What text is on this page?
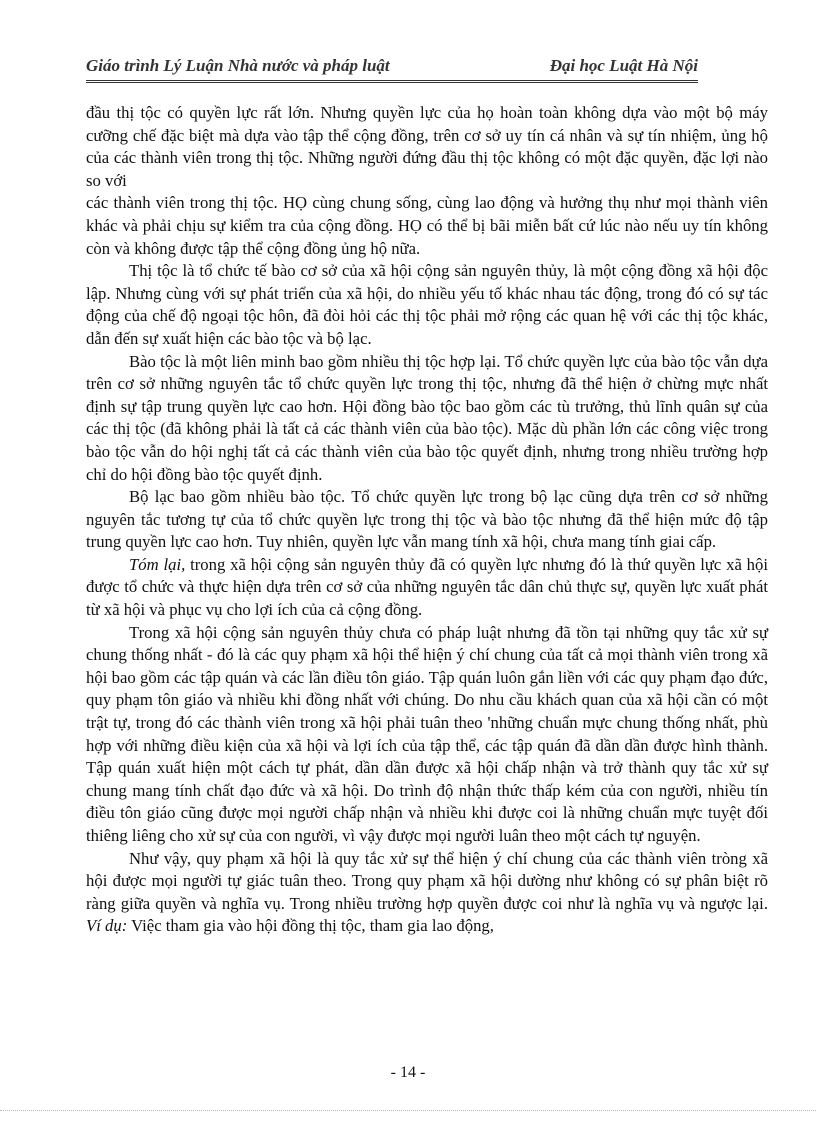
Giáo trình Lý Luận Nhà nước và pháp luật	Đại học Luật Hà Nội

đầu thị tộc có quyền lực rất lớn. Nhưng quyền lực của họ hoàn toàn không dựa vào một bộ máy cưỡng chế đặc biệt mà dựa vào tập thể cộng đồng, trên cơ sở uy tín cá nhân và sự tín nhiệm, ủng hộ của các thành viên trong thị tộc. Những người đứng đầu thị tộc không có một đặc quyền, đặc lợi nào so với

các thành viên trong thị tộc. HỌ cùng chung sống, cùng lao động và hưởng thụ như mọi thành viên khác và phải chịu sự kiểm tra của cộng đồng. HỌ có thể bị bãi miễn bất cứ lúc nào nếu uy tín không còn và không được tập thể cộng đồng ủng hộ nữa.

Thị tộc là tổ chức tế bào cơ sở của xã hội cộng sản nguyên thủy, là một cộng đồng xã hội độc lập. Nhưng cùng với sự phát triển của xã hội, do nhiều yếu tố khác nhau tác động, trong đó có sự tác động của chế độ ngoại tộc hôn, đã đòi hỏi các thị tộc phải mở rộng các quan hệ với các thị tộc khác, dẫn đến sự xuất hiện các bào tộc và bộ lạc.

Bào tộc là một liên minh bao gồm nhiều thị tộc hợp lại. Tổ chức quyền lực của bào tộc vẫn dựa trên cơ sở những nguyên tắc tổ chức quyền lực trong thị tộc, nhưng đã thể hiện ở chừng mực nhất định sự tập trung quyền lực cao hơn. Hội đồng bào tộc bao gồm các tù trưởng, thủ lĩnh quân sự của các thị tộc (đã không phải là tất cả các thành viên của bào tộc). Mặc dù phần lớn các công việc trong bào tộc vẫn do hội nghị tất cả các thành viên của bào tộc quyết định, nhưng trong nhiều trường hợp chỉ do hội đồng bào tộc quyết định.

Bộ lạc bao gồm nhiều bào tộc. Tổ chức quyền lực trong bộ lạc cũng dựa trên cơ sở những nguyên tắc tương tự của tổ chức quyền lực trong thị tộc và bào tộc nhưng đã thể hiện mức độ tập trung quyền lực cao hơn. Tuy nhiên, quyền lực vẫn mang tính xã hội, chưa mang tính giai cấp.

Tóm lại, trong xã hội cộng sản nguyên thủy đã có quyền lực nhưng đó là thứ quyền lực xã hội được tổ chức và thực hiện dựa trên cơ sở của những nguyên tắc dân chủ thực sự, quyền lực xuất phát từ xã hội và phục vụ cho lợi ích của cả cộng đồng.

Trong xã hội cộng sản nguyên thủy chưa có pháp luật nhưng đã tồn tại những quy tắc xử sự chung thống nhất - đó là các quy phạm xã hội thể hiện ý chí chung của tất cả mọi thành viên trong xã hội bao gồm các tập quán và các lần điều tôn giáo. Tập quán luôn gắn liền với các quy phạm đạo đức, quy phạm tôn giáo và nhiều khi đồng nhất với chúng. Do nhu cầu khách quan của xã hội cần có một trật tự, trong đó các thành viên trong xã hội phải tuân theo 'những chuẩn mực chung thống nhất, phù hợp với những điều kiện của xã hội và lợi ích của tập thể, các tập quán đã dần dần được hình thành. Tập quán xuất hiện một cách tự phát, dần dần được xã hội chấp nhận và trở thành quy tắc xử sự chung mang tính chất đạo đức và xã hội. Do trình độ nhận thức thấp kém của con người, nhiều tín điều tôn giáo cũng được mọi người chấp nhận và nhiều khi được coi là những chuẩn mực tuyệt đối thiêng liêng cho xử sự của con người, vì vậy được mọi người luân theo một cách tự nguyện.

Như vậy, quy phạm xã hội là quy tắc xử sự thể hiện ý chí chung của các thành viên tròng xã hội được mọi người tự giác tuân theo. Trong quy phạm xã hội dường như không có sự phân biệt rõ ràng giữa quyền và nghĩa vụ. Trong nhiều trường hợp quyền được coi như là nghĩa vụ và ngược lại. Ví dụ: Việc tham gia vào hội đồng thị tộc, tham gia lao động,

- 14 -
